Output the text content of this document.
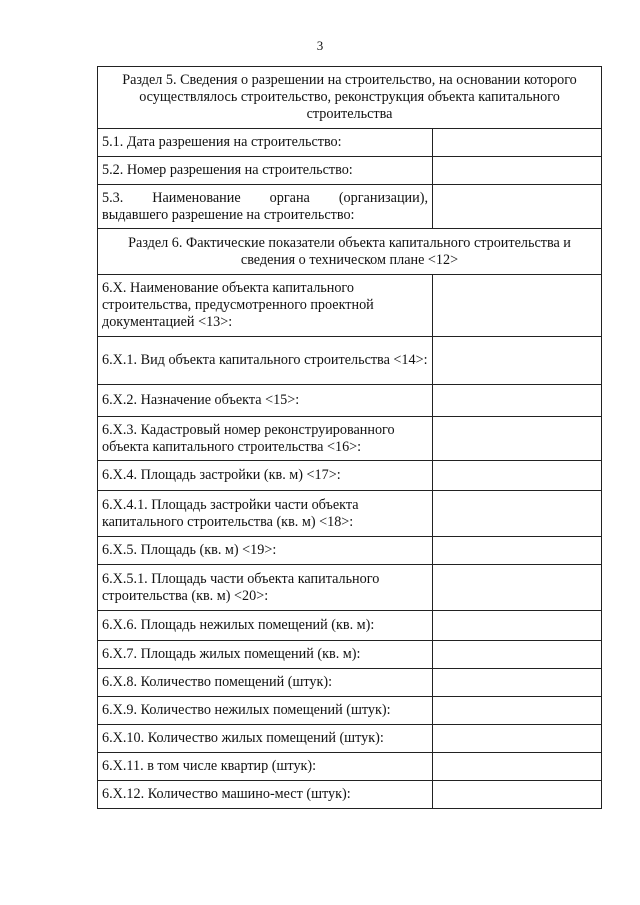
3
Раздел 5. Сведения о разрешении на строительство, на основании которого осуществлялось строительство, реконструкция объекта капитального строительства	
5.1. Дата разрешения на строительство:	
5.2. Номер разрешения на строительство:	

5.3. Наименование органа (организации),
выдавшего разрешение на строительство:	

Раздел 6. Фактические показатели объекта капитального строительства и сведения о техническом плане <12>	
6.X. Наименование объекта капитального строительства, предусмотренного проектной документацией <13>:	
6.X.1. Вид объекта капитального строительства <14>:	
6.X.2. Назначение объекта <15>:	
6.X.3. Кадастровый номер реконструированного объекта капитального строительства <16>:	
6.X.4. Площадь застройки (кв. м) <17>:	
6.X.4.1. Площадь застройки части объекта капитального строительства (кв. м) <18>:	
6.X.5. Площадь (кв. м) <19>:	
6.X.5.1. Площадь части объекта капитального строительства (кв. м) <20>:	
6.X.6. Площадь нежилых помещений (кв. м):	
6.X.7. Площадь жилых помещений (кв. м):	
6.X.8. Количество помещений (штук):	
6.X.9. Количество нежилых помещений (штук):	
6.X.10. Количество жилых помещений (штук):	
6.X.11. в том числе квартир (штук):	
6.X.12. Количество машино-мест (штук):	
